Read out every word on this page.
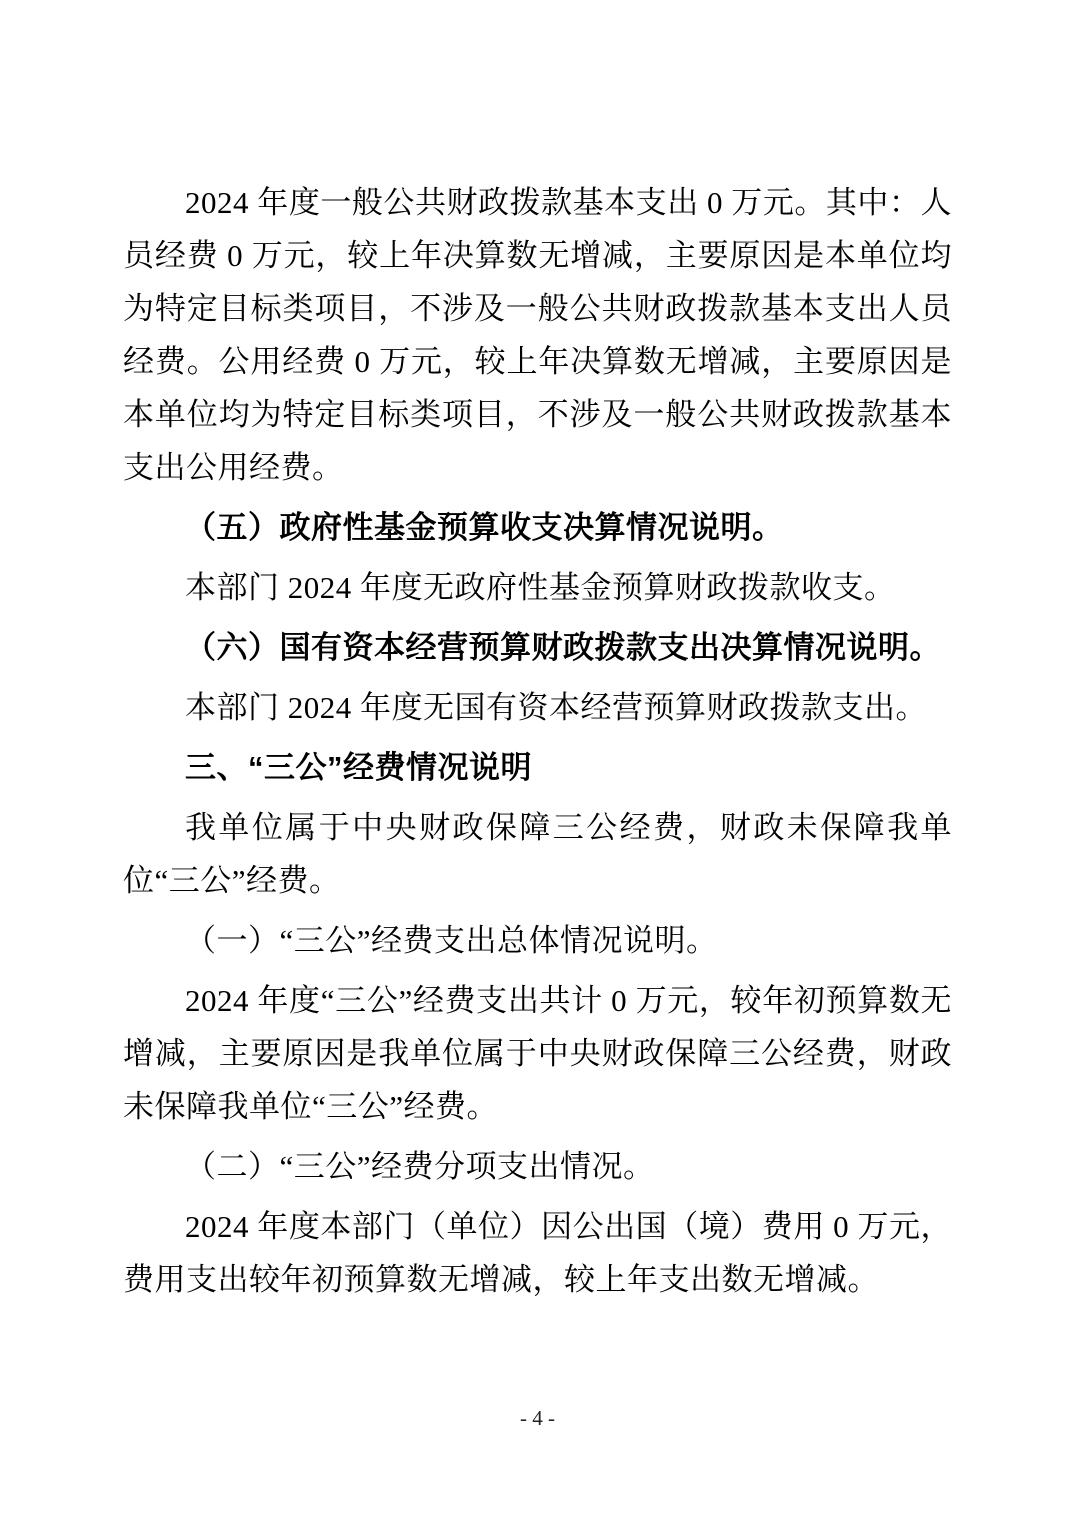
2024 年度一般公共财政拨款基本支出 0 万元。其中：人员经费 0 万元，较上年决算数无增减，主要原因是本单位均为特定目标类项目，不涉及一般公共财政拨款基本支出人员经费。公用经费 0 万元，较上年决算数无增减，主要原因是本单位均为特定目标类项目，不涉及一般公共财政拨款基本支出公用经费。

（五）政府性基金预算收支决算情况说明。

本部门 2024 年度无政府性基金预算财政拨款收支。

（六）国有资本经营预算财政拨款支出决算情况说明。

本部门 2024 年度无国有资本经营预算财政拨款支出。

三、“三公”经费情况说明

我单位属于中央财政保障三公经费，财政未保障我单位“三公”经费。

（一）“三公”经费支出总体情况说明。

2024 年度“三公”经费支出共计 0 万元，较年初预算数无增减，主要原因是我单位属于中央财政保障三公经费，财政未保障我单位“三公”经费。

（二）“三公”经费分项支出情况。

2024 年度本部门（单位）因公出国（境）费用 0 万元，费用支出较年初预算数无增减，较上年支出数无增减。

- 4 -
